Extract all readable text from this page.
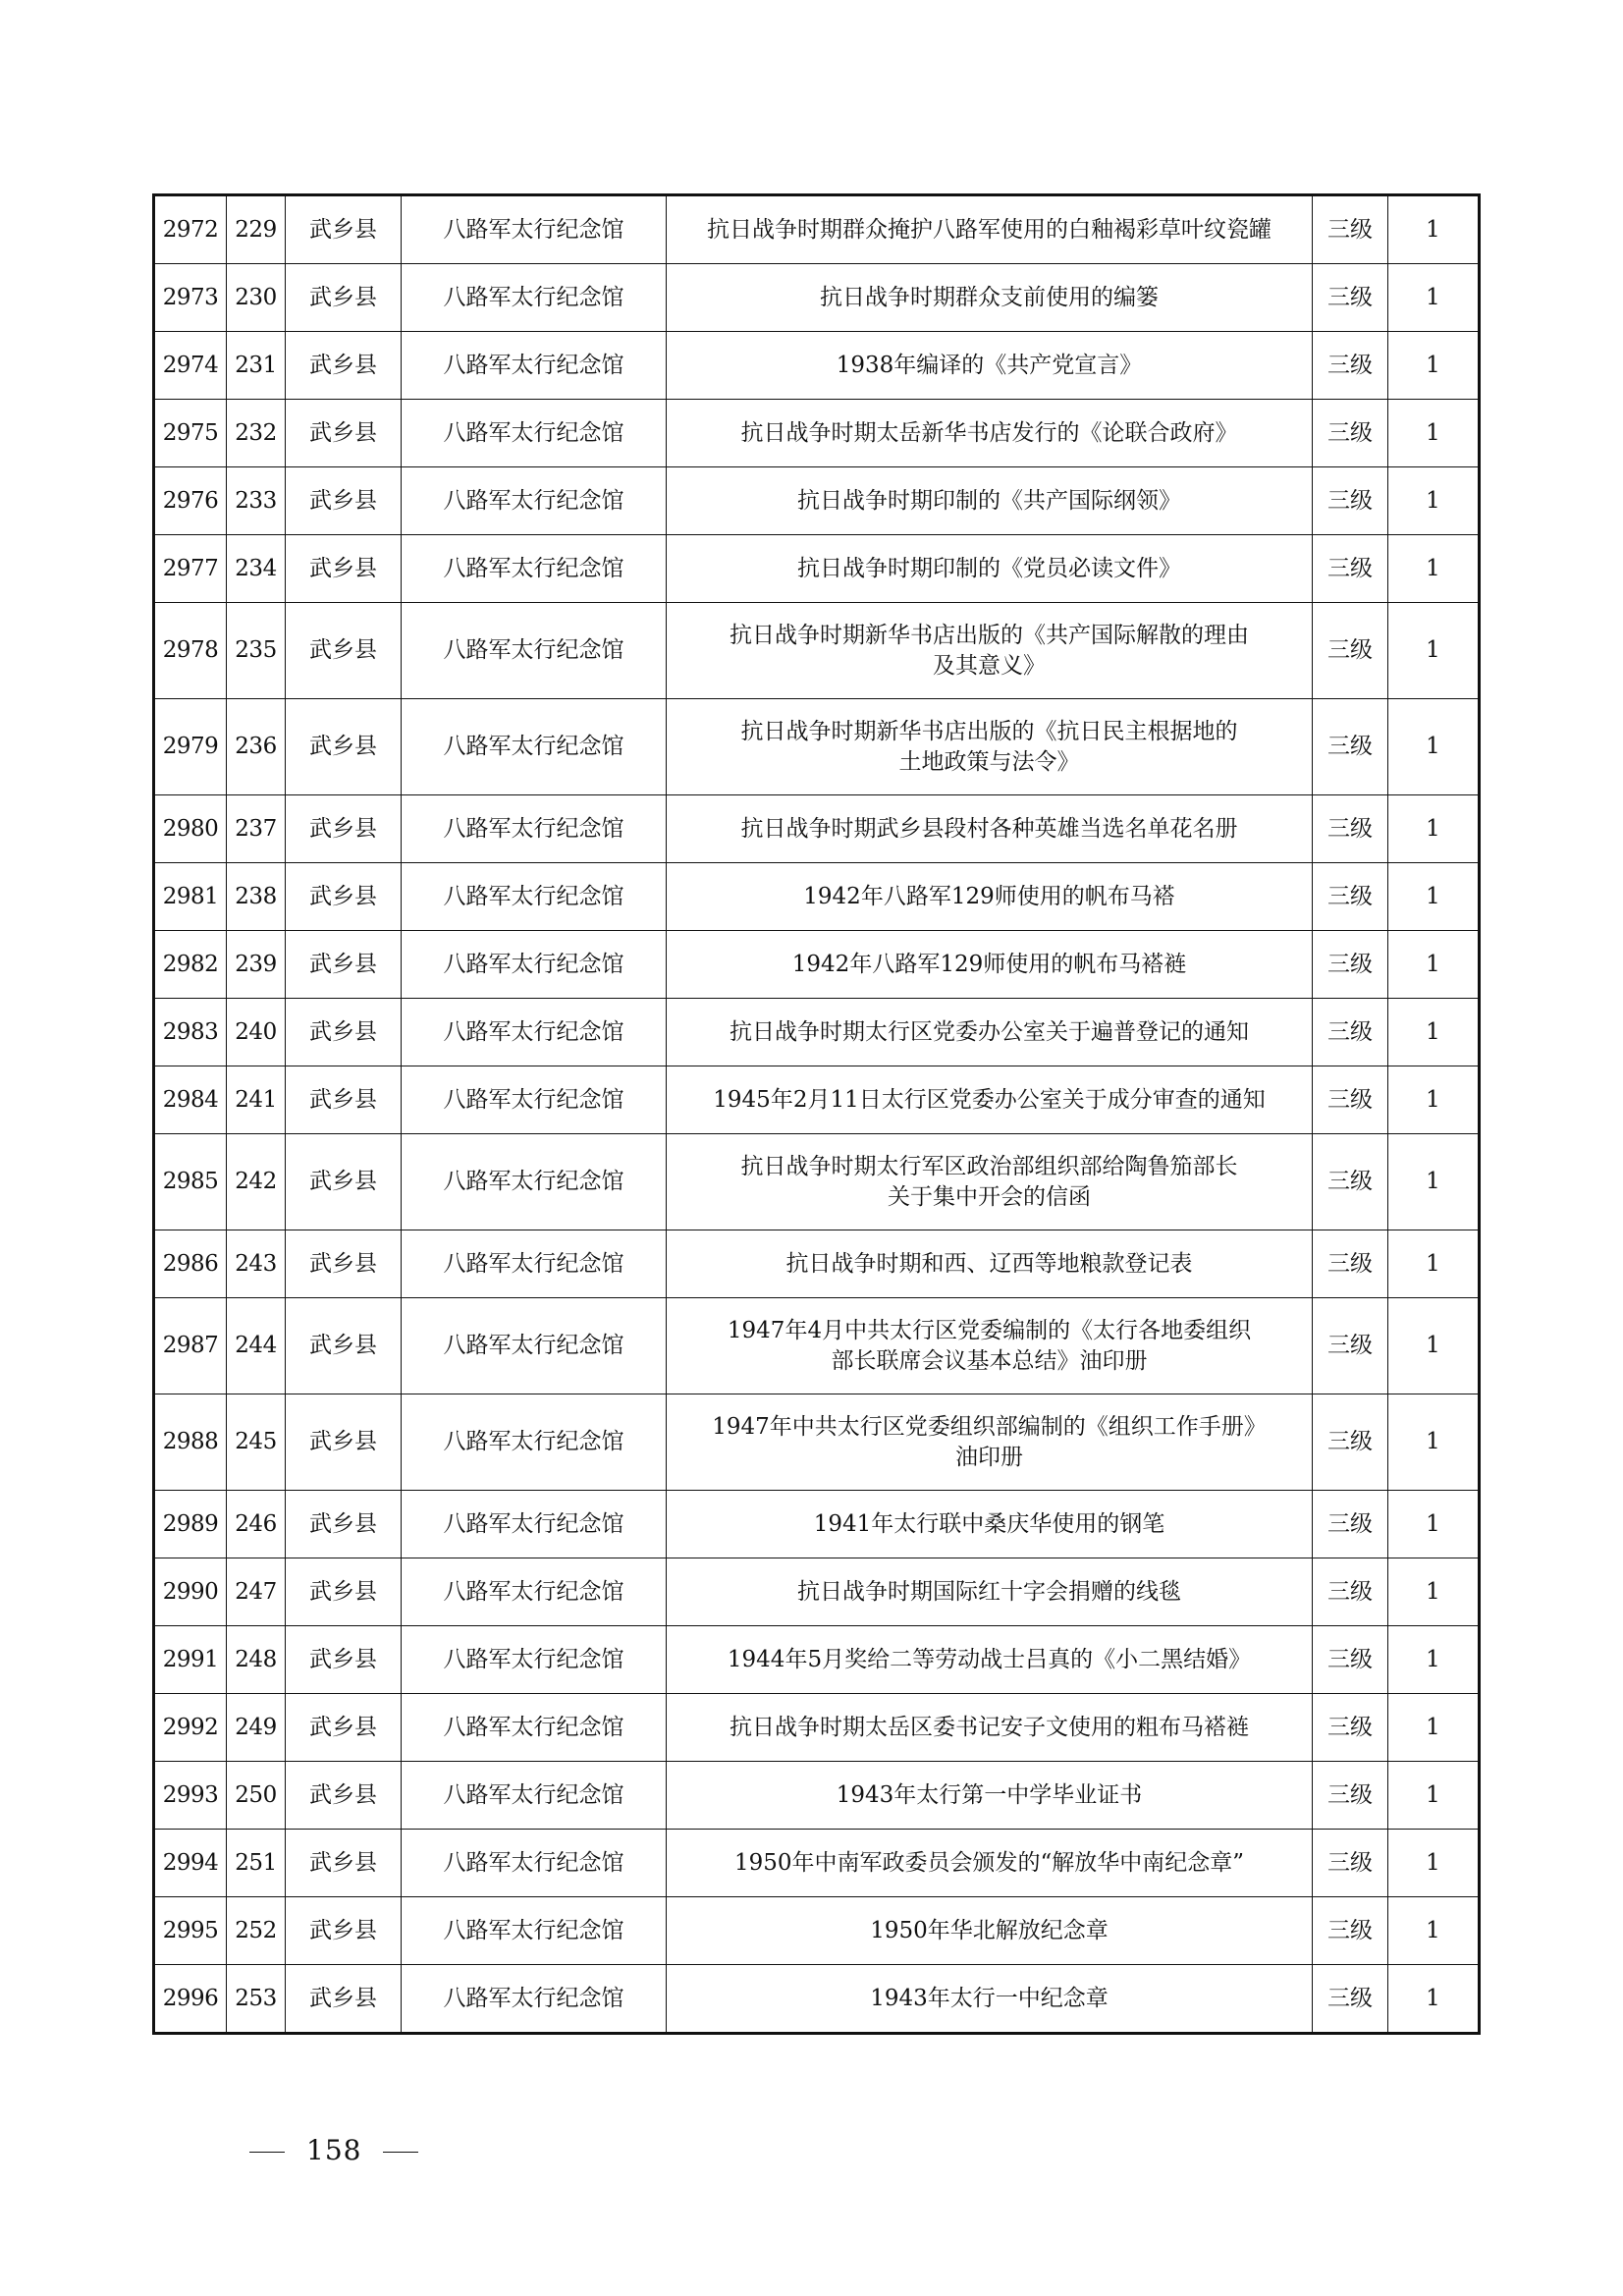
2972	229	武乡县	八路军太行纪念馆	抗日战争时期群众掩护八路军使用的白釉褐彩草叶纹瓷罐	三级	1
2973	230	武乡县	八路军太行纪念馆	抗日战争时期群众支前使用的编篓	三级	1
2974	231	武乡县	八路军太行纪念馆	1938年编译的《共产党宣言》	三级	1
2975	232	武乡县	八路军太行纪念馆	抗日战争时期太岳新华书店发行的《论联合政府》	三级	1
2976	233	武乡县	八路军太行纪念馆	抗日战争时期印制的《共产国际纲领》	三级	1
2977	234	武乡县	八路军太行纪念馆	抗日战争时期印制的《党员必读文件》	三级	1
2978	235	武乡县	八路军太行纪念馆	抗日战争时期新华书店出版的《共产国际解散的理由
及其意义》	三级	1
2979	236	武乡县	八路军太行纪念馆	抗日战争时期新华书店出版的《抗日民主根据地的
土地政策与法令》	三级	1
2980	237	武乡县	八路军太行纪念馆	抗日战争时期武乡县段村各种英雄当选名单花名册	三级	1
2981	238	武乡县	八路军太行纪念馆	1942年八路军129师使用的帆布马褡	三级	1
2982	239	武乡县	八路军太行纪念馆	1942年八路军129师使用的帆布马褡裢	三级	1
2983	240	武乡县	八路军太行纪念馆	抗日战争时期太行区党委办公室关于遍普登记的通知	三级	1
2984	241	武乡县	八路军太行纪念馆	1945年2月11日太行区党委办公室关于成分审查的通知	三级	1
2985	242	武乡县	八路军太行纪念馆	抗日战争时期太行军区政治部组织部给陶鲁笳部长
关于集中开会的信函	三级	1
2986	243	武乡县	八路军太行纪念馆	抗日战争时期和西、辽西等地粮款登记表	三级	1
2987	244	武乡县	八路军太行纪念馆	1947年4月中共太行区党委编制的《太行各地委组织
部长联席会议基本总结》油印册	三级	1
2988	245	武乡县	八路军太行纪念馆	1947年中共太行区党委组织部编制的《组织工作手册》
油印册	三级	1
2989	246	武乡县	八路军太行纪念馆	1941年太行联中桑庆华使用的钢笔	三级	1
2990	247	武乡县	八路军太行纪念馆	抗日战争时期国际红十字会捐赠的线毯	三级	1
2991	248	武乡县	八路军太行纪念馆	1944年5月奖给二等劳动战士吕真的《小二黑结婚》	三级	1
2992	249	武乡县	八路军太行纪念馆	抗日战争时期太岳区委书记安子文使用的粗布马褡裢	三级	1
2993	250	武乡县	八路军太行纪念馆	1943年太行第一中学毕业证书	三级	1
2994	251	武乡县	八路军太行纪念馆	1950年中南军政委员会颁发的“解放华中南纪念章”	三级	1
2995	252	武乡县	八路军太行纪念馆	1950年华北解放纪念章	三级	1
2996	253	武乡县	八路军太行纪念馆	1943年太行一中纪念章	三级	1
158
